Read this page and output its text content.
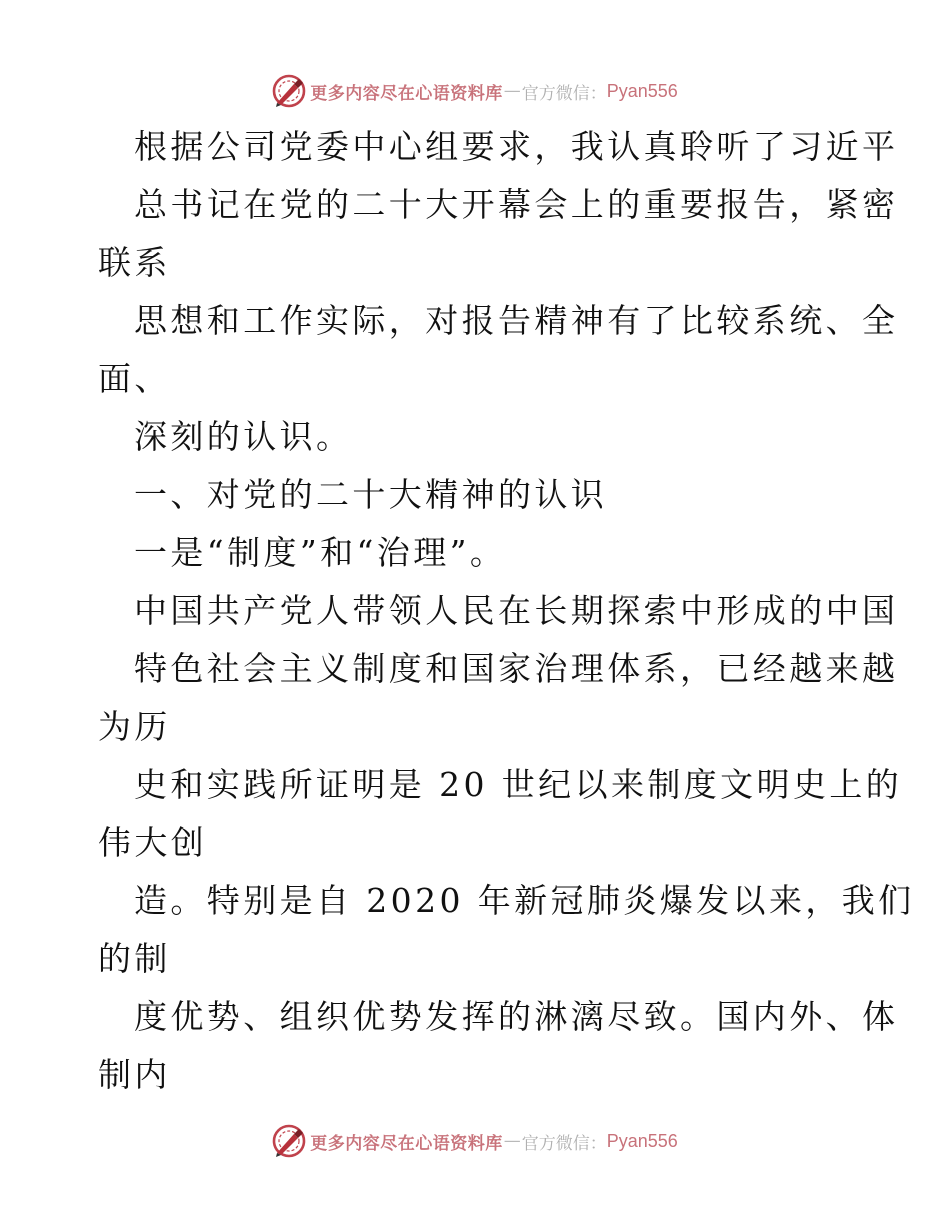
更多内容尽在心语资料库 — 官方微信： Pyan556
根据公司党委中心组要求，我认真聆听了习近平
总书记在党的二十大开幕会上的重要报告，紧密
联系
思想和工作实际，对报告精神有了比较系统、全
面、
深刻的认识。
一、对党的二十大精神的认识
一是“制度”和“治理”。
中国共产党人带领人民在长期探索中形成的中国
特色社会主义制度和国家治理体系，已经越来越
为历
史和实践所证明是 20 世纪以来制度文明史上的
伟大创
造。特别是自 2020 年新冠肺炎爆发以来，我们
的制
度优势、组织优势发挥的淋漓尽致。国内外、体
制内
更多内容尽在心语资料库 — 官方微信： Pyan556
